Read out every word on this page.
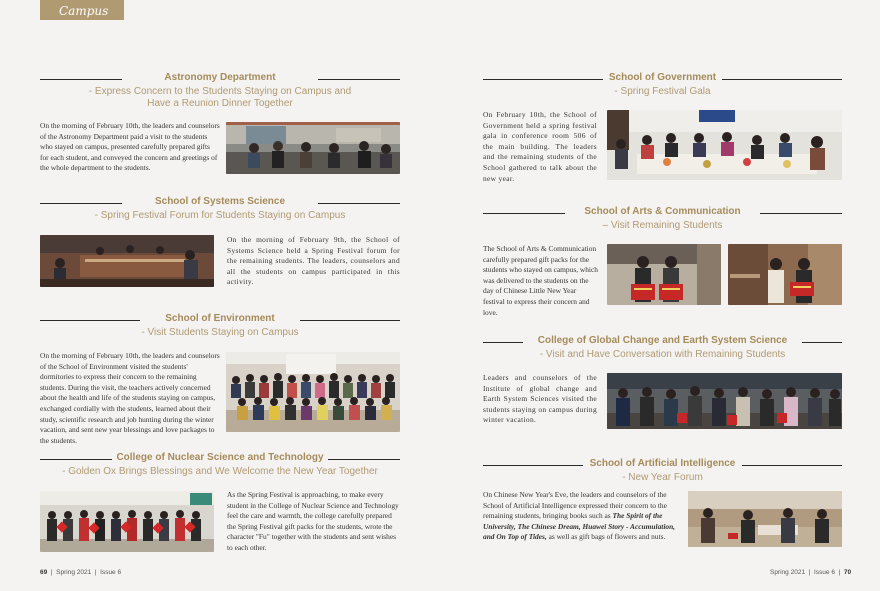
Campus
Astronomy Department
- Express Concern to the Students Staying on Campus and
Have a Reunion Dinner Together
On the morning of February 10th, the leaders and counselors of the Astronomy Department paid a visit to the students who stayed on campus, presented carefully prepared gifts for each student, and conveyed the concern and greetings of the whole department to the students.
School of Systems Science
- Spring Festival Forum for Students Staying on Campus
On the morning of February 9th, the School of Systems Science held a Spring Festival forum for the remaining students. The leaders, counselors and all the students on campus participated in this activity.
School of Environment
- Visit Students Staying on Campus
On the morning of February 10th, the leaders and counselors of the School of Environment visited the students' dormitories to express their concern to the remaining students. During the visit, the teachers actively concerned about the health and life of the students staying on campus, exchanged cordially with the students, learned about their study, scientific research and job hunting during the winter vacation, and sent new year blessings and love packages to the students.
College of Nuclear Science and Technology
- Golden Ox Brings Blessings and We Welcome the New Year Together
As the Spring Festival is approaching, to make every student in the College of Nuclear Science and Technology feel the care and warmth, the college carefully prepared the Spring Festival gift packs for the students, wrote the character "Fu" together with the students and sent wishes to each other.
69  |  Spring 2021  |  Issue 6
School of Government
- Spring Festival Gala
On February 10th, the School of Government held a spring festival gala in conference room 506 of the main building. The leaders and the remaining students of the School gathered to talk about the new year.
School of Arts & Communication
– Visit Remaining Students
The School of Arts & Communication carefully prepared gift packs for the students who stayed on campus, which was delivered to the students on the day of Chinese Little New Year festival to express their concern and love.
College of Global Change and Earth System Science
- Visit and Have Conversation with Remaining Students
Leaders and counselors of the Institute of global change and Earth System Sciences visited the students staying on campus during winter vacation.
School of Artificial Intelligence
- New Year Forum
On Chinese New Year's Eve, the leaders and counselors of the School of Artificial Intelligence expressed their concern to the remaining students, bringing books such as The Spirit of the University, The Chinese Dream, Huawei Story - Accumulation, and On Top of Tides, as well as gift bags of flowers and nuts.
Spring 2021  |  Issue 6  |  70
